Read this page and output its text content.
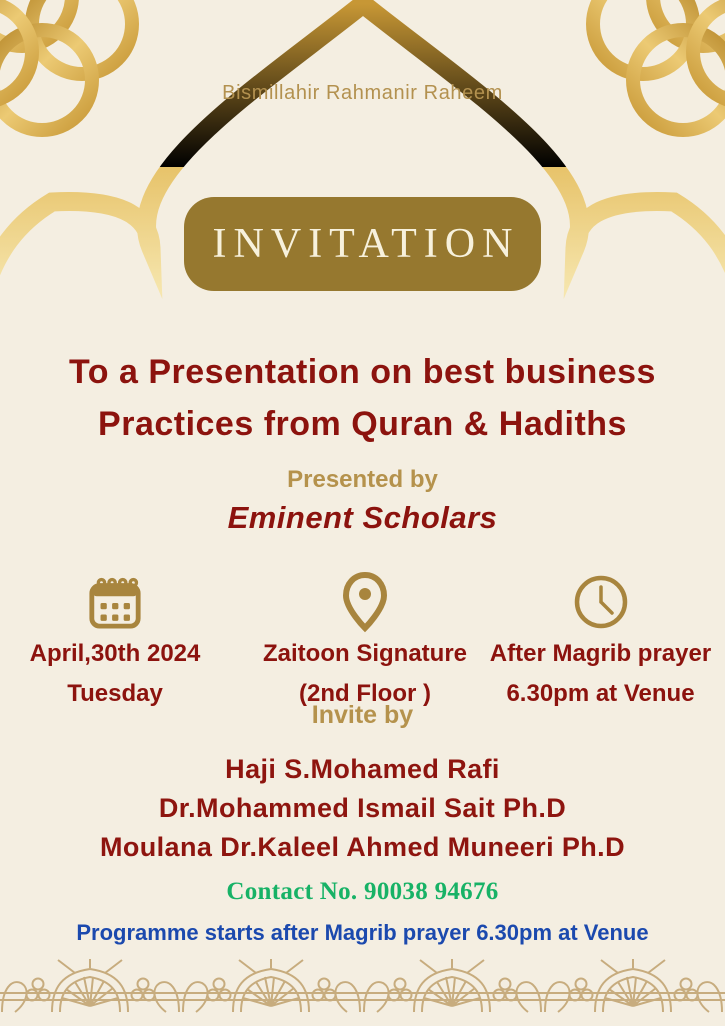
Bismillahir Rahmanir Raheem
INVITATION
To a Presentation on best business
Practices from Quran & Hadiths
Presented by
Eminent Scholars
April,30th 2024
Tuesday
Zaitoon Signature
(2nd Floor )
After Magrib prayer
6.30pm at Venue
Invite by
Haji S.Mohamed Rafi
Dr.Mohammed Ismail Sait Ph.D
Moulana Dr.Kaleel Ahmed Muneeri Ph.D
Contact No. 90038 94676
Programme starts after Magrib prayer 6.30pm at Venue
